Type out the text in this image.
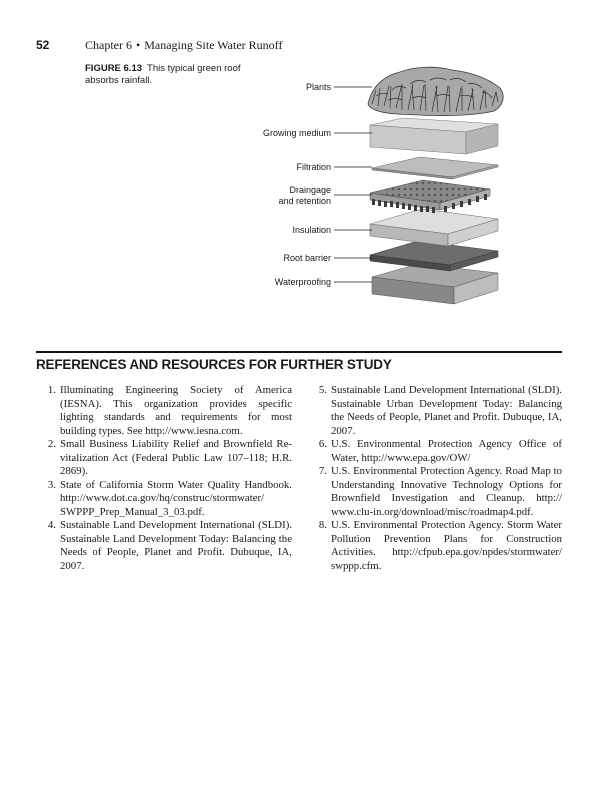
52	Chapter 6 • Managing Site Water Runoff
FIGURE 6.13 This typical green roof absorbs rainfall.
Plants
Growing medium
Filtration
Draingage
and retention
Insulation
Root barrier
Waterproofing
REFERENCES AND RESOURCES FOR FURTHER STUDY
1. Illuminating Engineering Society of America (IESNA). This organization provides specific lighting standards and requirements for most building types. See http://www.iesna.com.
2. Small Business Liability Relief and Brownfield Re-vitalization Act (Federal Public Law 107–118; H.R. 2869).
3. State of California Storm Water Quality Handbook. http://www.dot.ca.gov/hq/construc/stormwater/ SWPPP_Prep_Manual_3_03.pdf.
4. Sustainable Land Development International (SLDI). Sustainable Land Development Today: Balancing the Needs of People, Planet and Profit. Dubuque, IA, 2007.
5. Sustainable Land Development International (SLDI). Sustainable Urban Development Today: Balancing the Needs of People, Planet and Profit. Dubuque, IA, 2007.
6. U.S. Environmental Protection Agency Office of Water, http://www.epa.gov/OW/
7. U.S. Environmental Protection Agency. Road Map to Understanding Innovative Technology Options for Brownfield Investigation and Cleanup. http:// www.clu-in.org/download/misc/roadmap4.pdf.
8. U.S. Environmental Protection Agency. Storm Water Pollution Prevention Plans for Construction Activities. http://cfpub.epa.gov/npdes/stormwater/ swppp.cfm.
